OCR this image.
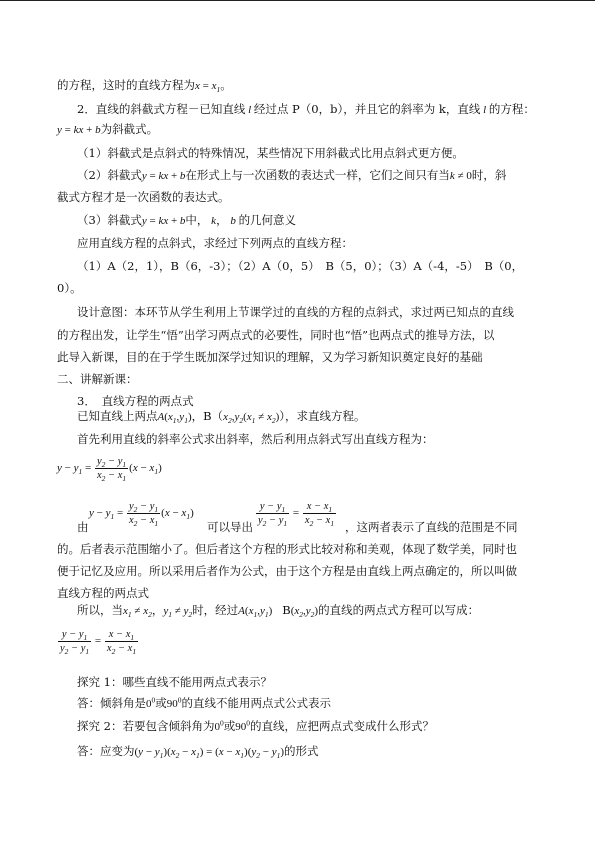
的方程，这时的直线方程为$x = x_1$。
2．直线的斜截式方程－已知直线 l 经过点 P（0，b），并且它的斜率为 k，直线 l 的方程：
y = kx + b为斜截式。
（1）斜截式是点斜式的特殊情况，某些情况下用斜截式比用点斜式更方便。
（2）斜截式y = kx + b在形式上与一次函数的表达式一样，它们之间只有当k ≠ 0时，斜
截式方程才是一次函数的表达式。
（3）斜截式y = kx + b中， k， b 的几何意义
应用直线方程的点斜式，求经过下列两点的直线方程：
（1）A（2，1），B（6，-3）；（2）A（0，5）　B（5，0）；（3）A（-4，-5）　B（0，
0）。
设计意图：本环节从学生利用上节课学过的直线的方程的点斜式，求过两已知点的直线
的方程出发，让学生“悟”出学习两点式的必要性，同时也“悟”也两点式的推导方法，以
此导入新课，目的在于学生既加深学过知识的理解，又为学习新知识奠定良好的基础
二、讲解新课：
3．　直线方程的两点式
已知直线上两点$A(x_1,y_1)$，$B(x_2,y_2(x_1 \ne x_2))$，求直线方程。
首先利用直线的斜率公式求出斜率，然后利用点斜式写出直线方程为：
$y - y_1 = \frac{y_2 - y_1}{x_2 - x_1} (x - x_1)$
由
$y - y_1 = \frac{y_2 - y_1}{x_2 - x_1} (x - x_1)$
可以导出 $\frac{y - y_1}{y_2 - y_1} = \frac{x - x_1}{x_2 - x_1}$ ，这两者表示了直线的范围是不同
的。后者表示范围缩小了。但后者这个方程的形式比较对称和美观，体现了数学美，同时也
便于记忆及应用。所以采用后者作为公式，由于这个方程是由直线上两点确定的，所以叫做
直线方程的两点式
所以，当$x_1 \ne x_2$，$y_1 \ne y_2$时，经过$A(x_1,y_1)$ $B(x_2,y_2)$的直线的两点式方程可以写成：
$\frac{y - y_1}{y_2 - y_1} = \frac{x - x_1}{x_2 - x_1}$
探究 1：哪些直线不能用两点式表示？
答：倾斜角是$0^0$或$90^0$的直线不能用两点式公式表示
探究 2：若要包含倾斜角为$0^0$或$90^0$的直线，应把两点式变成什么形式？
答：应变为$(y - y_1)(x_2 - x_1) = (x - x_1)(y_2 - y_1)$的形式
